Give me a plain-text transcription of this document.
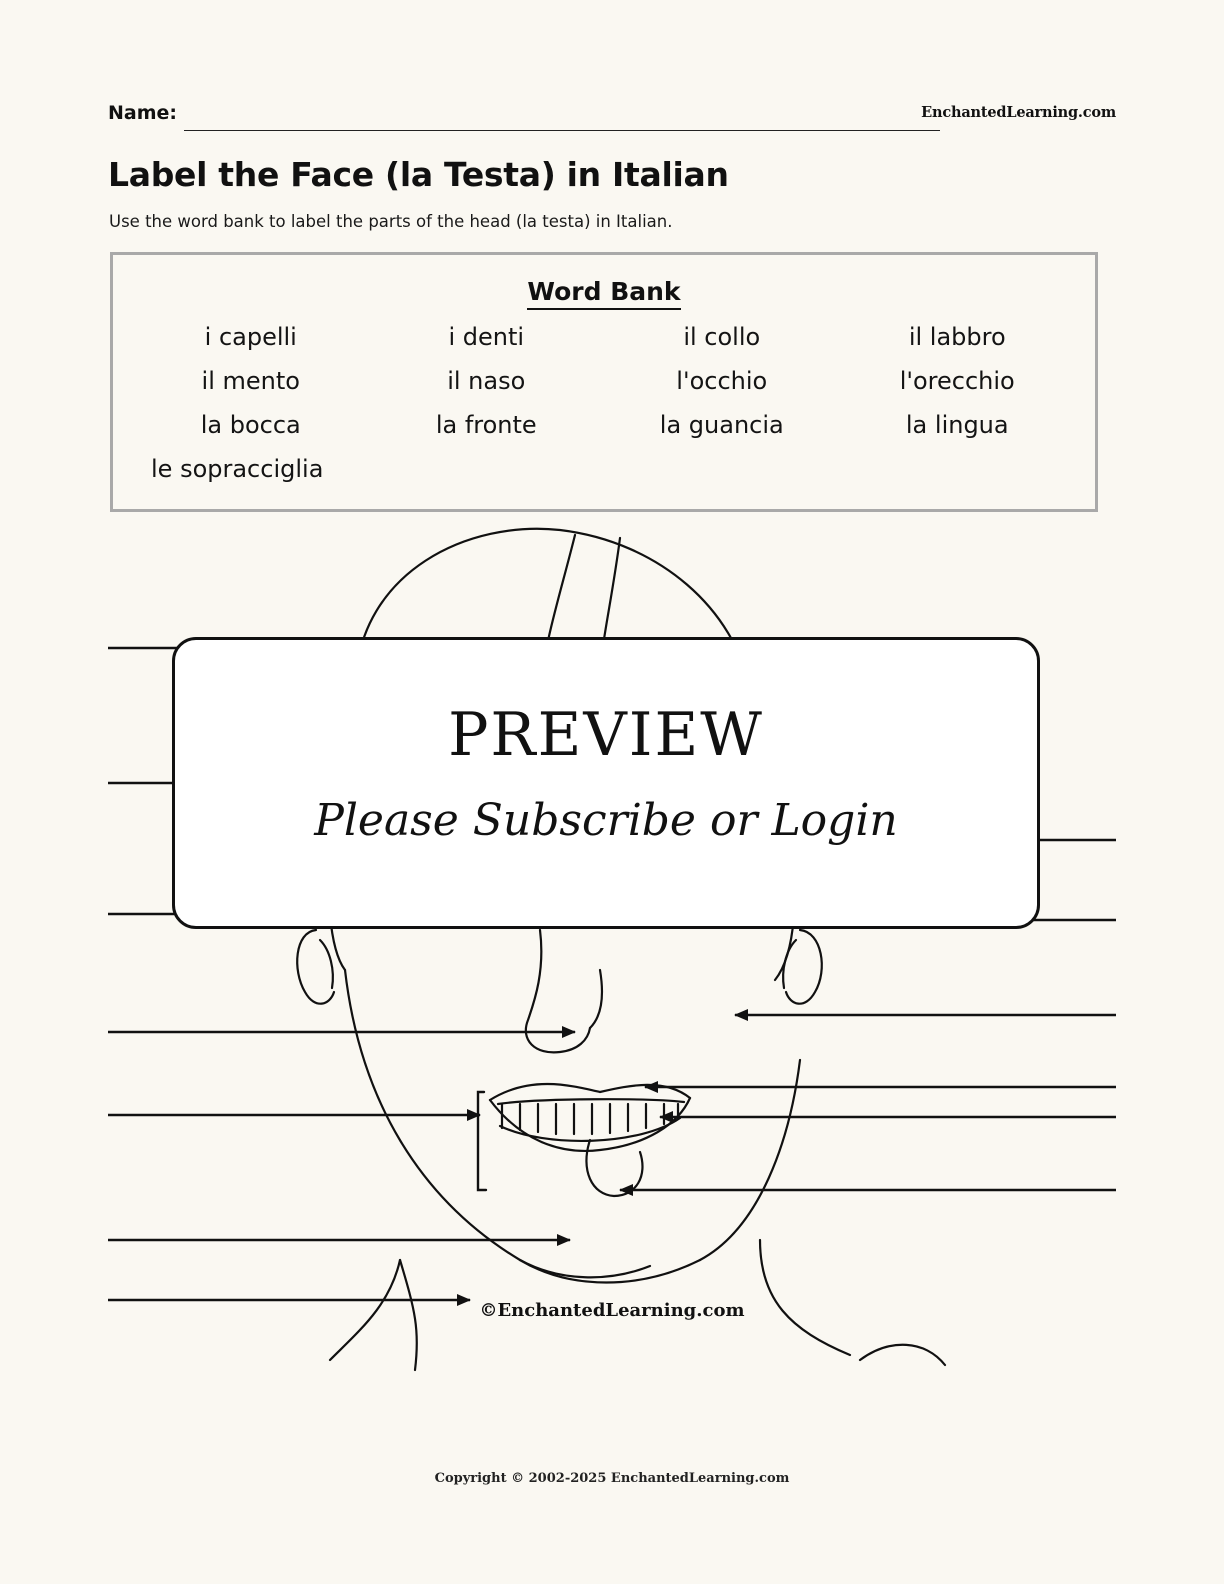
Name:	EnchantedLearning.com
Label the Face (la Testa) in Italian
Use the word bank to label the parts of the head (la testa) in Italian.
Word Bank
i capelli	i denti	il collo	il labbro
il mento	il naso	l'occhio	l'orecchio
la bocca	la fronte	la guancia	la lingua
le sopracciglia
PREVIEW
Please Subscribe or Login
©EnchantedLearning.com
Copyright © 2002-2025 EnchantedLearning.com
